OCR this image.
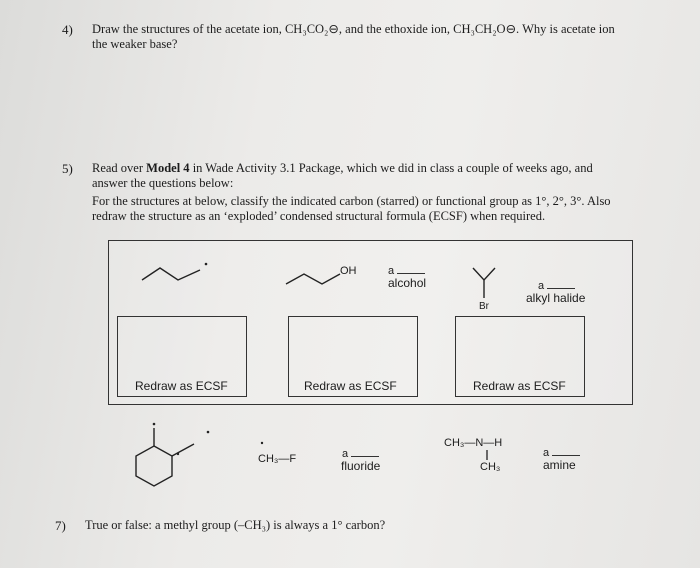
4) Draw the structures of the acetate ion, CH₃CO₂⊖, and the ethoxide ion, CH₃CH₂O⊖. Why is acetate ion
the weaker base?
5) Read over Model 4 in Wade Activity 3.1 Package, which we did in class a couple of weeks ago, and
answer the questions below:
For the structures at below, classify the indicated carbon (starred) or functional group as 1°, 2°, 3°. Also
redraw the structure as an ‘exploded’ condensed structural formula (ECSF) when required.
OH	a
alcohol
Br
a
alkyl halide
Redraw as ECSF	Redraw as ECSF	Redraw as ECSF
CH₃—F	a
fluoride
CH₃—N—H
CH₃
a
amine
7) True or false: a methyl group (–CH₃) is always a 1° carbon?
